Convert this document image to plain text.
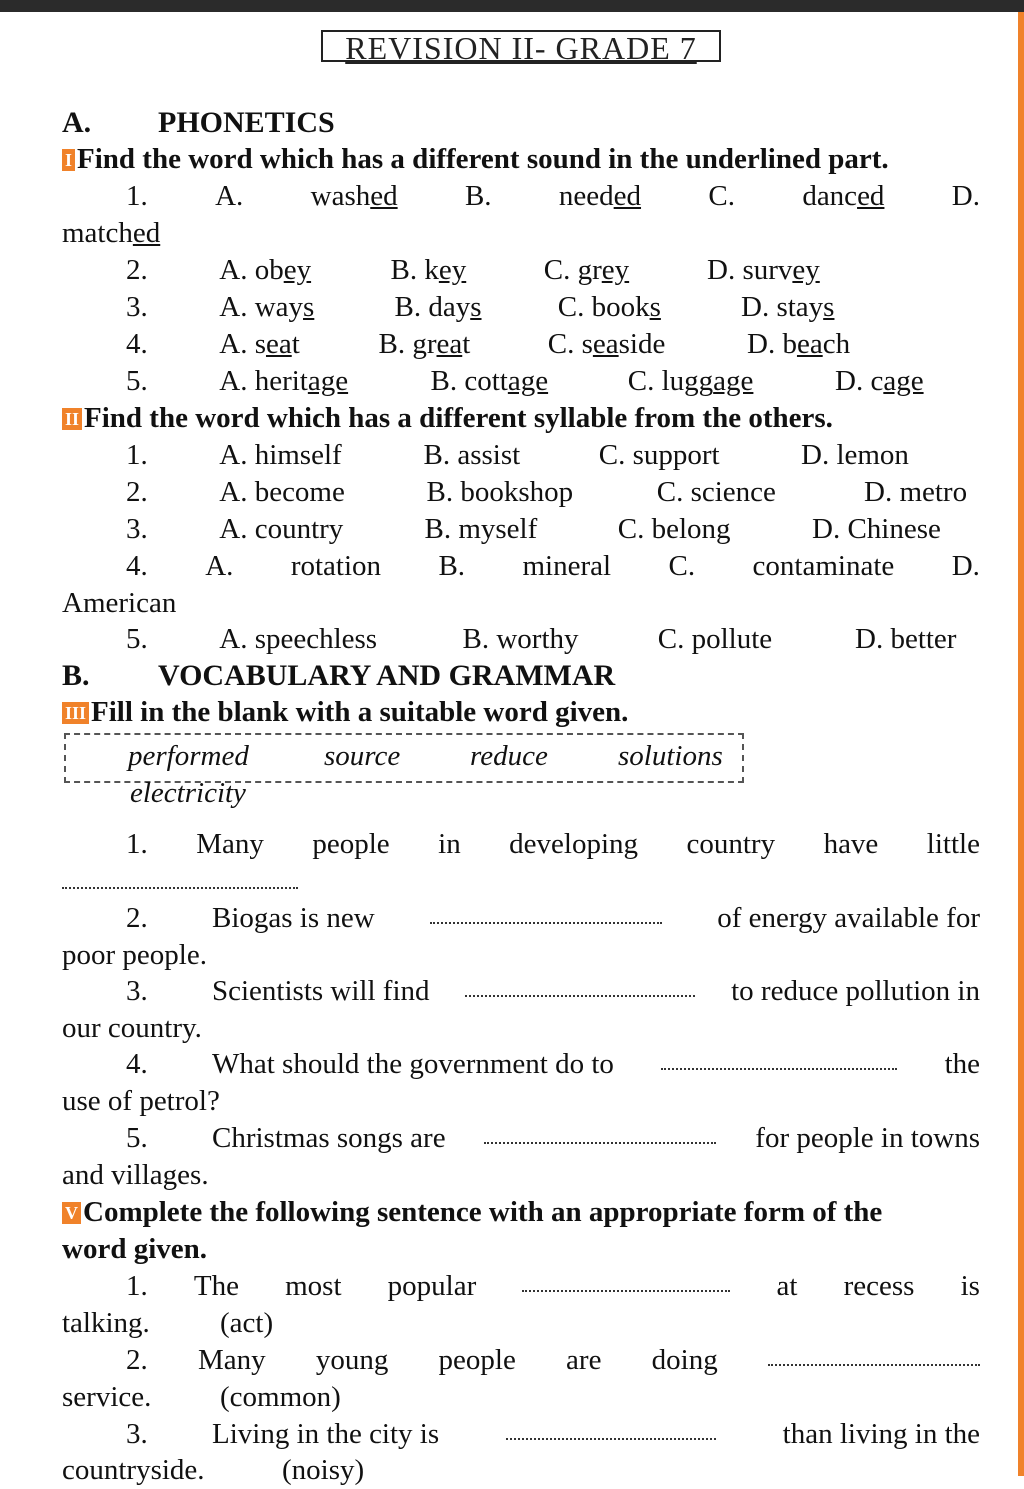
REVISION II- GRADE 7
A. PHONETICS
I Find the word which has a different sound in the underlined part.
1. A. washed B. needed C. danced D.
matched
2. A. obey	B. key	C. grey	D. survey
3. A. ways	B. days	C. books	D. stays
4. A. seat	B. great	C. seaside	D. beach
5. A. heritage	B. cottage	C. luggage	D. cage
II Find the word which has a different syllable from the others.
1. A. himself	B. assist	C. support	D. lemon
2. A. become	B. bookshop	C. science	D. metro
3. A. country	B. myself	C. belong	D. Chinese
4. A. rotation B. mineral C. contaminate D.
American
5. A. speechless	B. worthy	C. pollute	D. better
B. VOCABULARY AND GRAMMAR
III Fill in the blank with a suitable word given.
performed	source reduce solutions
electricity
1. Many people in developing country have little
2. Biogas is new	of energy available for
poor people.
3. Scientists will find	to reduce pollution in
our country.
4. What should the government do to	the
use of petrol?
5. Christmas songs are	for people in towns
and villages.
V Complete the following sentence with an appropriate form of the
word given.
1. The most popular	at recess is
talking. (act)
2. Many young people are doing
service. (common)
3. Living in the city is	than living in the
countryside.	(noisy)
